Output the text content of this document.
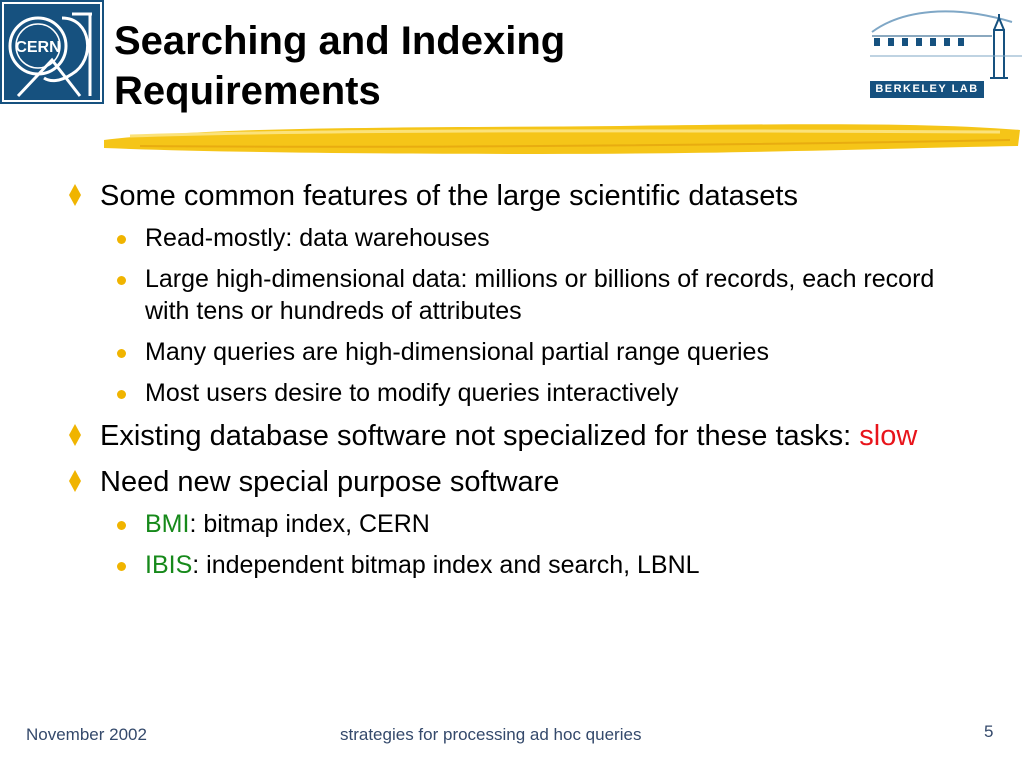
CERN Searching and Indexing
Requirements	BERKELEY LAB
Some common features of the large scientific datasets
Read-mostly: data warehouses
Large high-dimensional data: millions or billions of records, each record with tens or hundreds of attributes
Many queries are high-dimensional partial range queries
Most users desire to modify queries interactively
Existing database software not specialized for these tasks: slow
Need new special purpose software
BMI: bitmap index, CERN
IBIS: independent bitmap index and search, LBNL
November 2002	strategies for processing ad hoc queries	5
